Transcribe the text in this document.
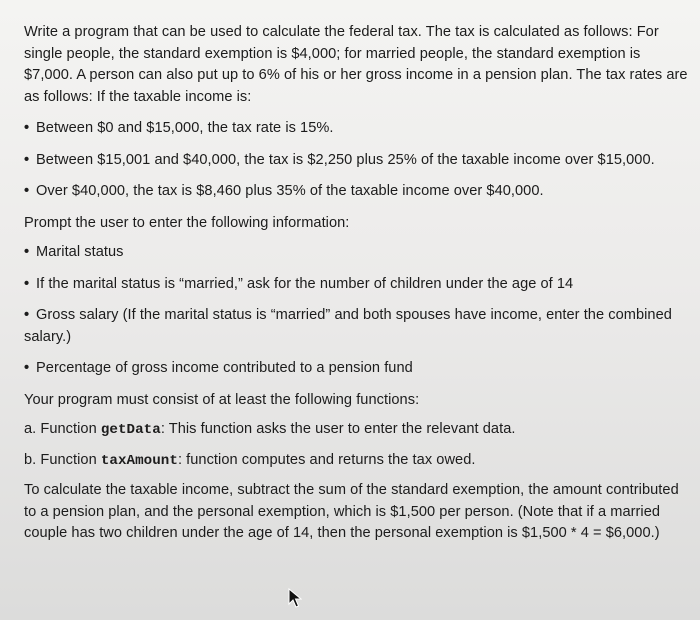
Write a program that can be used to calculate the federal tax. The tax is calculated as follows: For single people, the standard exemption is $4,000; for married people, the standard exemption is $7,000. A person can also put up to 6% of his or her gross income in a pension plan. The tax rates are as follows: If the taxable income is:

• Between $0 and $15,000, the tax rate is 15%.
• Between $15,001 and $40,000, the tax is $2,250 plus 25% of the taxable income over $15,000.
• Over $40,000, the tax is $8,460 plus 35% of the taxable income over $40,000.

Prompt the user to enter the following information:

• Marital status
• If the marital status is “married,” ask for the number of children under the age of 14
• Gross salary (If the marital status is “married” and both spouses have income, enter the combined salary.)
• Percentage of gross income contributed to a pension fund

Your program must consist of at least the following functions:

a. Function getData: This function asks the user to enter the relevant data.

b. Function taxAmount: function computes and returns the tax owed.

To calculate the taxable income, subtract the sum of the standard exemption, the amount contributed to a pension plan, and the personal exemption, which is $1,500 per person. (Note that if a married couple has two children under the age of 14, then the personal exemption is $1,500 * 4 = $6,000.)
